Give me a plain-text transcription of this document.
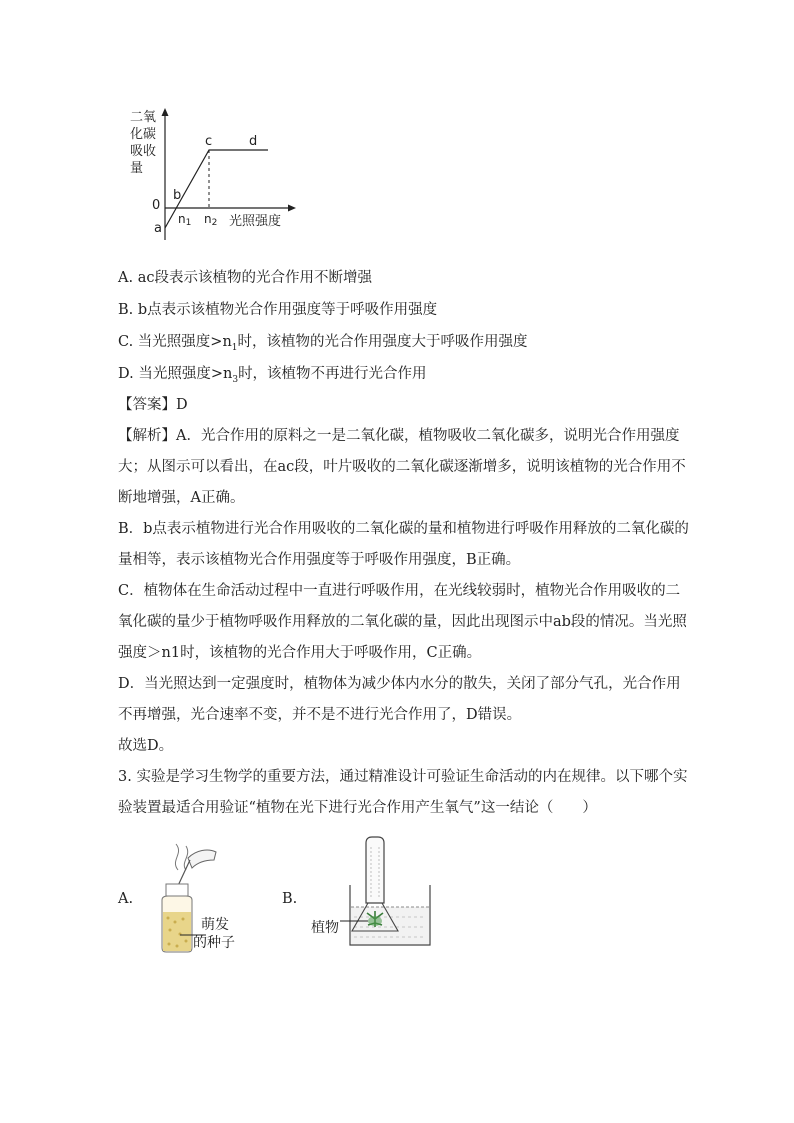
二氧
化碳
吸收
量
0
a
b
c	d
n1 n2 光照强度
A. ac段表示该植物的光合作用不断增强
B. b点表示该植物光合作用强度等于呼吸作用强度
C. 当光照强度$>n_1$时，该植物的光合作用强度大于呼吸作用强度
D. 当光照强度$>n_3$时，该植物不再进行光合作用
【答案】D
【解析】A．光合作用的原料之一是二氧化碳，植物吸收二氧化碳多，说明光合作用强度
大；从图示可以看出，在ac段，叶片吸收的二氧化碳逐渐增多，说明该植物的光合作用不
断地增强，A正确。
B．b点表示植物进行光合作用吸收的二氧化碳的量和植物进行呼吸作用释放的二氧化碳的
量相等，表示该植物光合作用强度等于呼吸作用强度，B正确。
C．植物体在生命活动过程中一直进行呼吸作用，在光线较弱时，植物光合作用吸收的二
氧化碳的量少于植物呼吸作用释放的二氧化碳的量，因此出现图示中ab段的情况。当光照
强度＞n1时，该植物的光合作用大于呼吸作用，C正确。
D．当光照达到一定强度时，植物体为减少体内水分的散失，关闭了部分气孔，光合作用
不再增强，光合速率不变，并不是不进行光合作用了，D错误。
故选D。
3. 实验是学习生物学的重要方法，通过精准设计可验证生命活动的内在规律。以下哪个实
验装置最适合用验证“植物在光下进行光合作用产生氧气”这一结论（　　）
A.
萌发
的种子
B.
植物
